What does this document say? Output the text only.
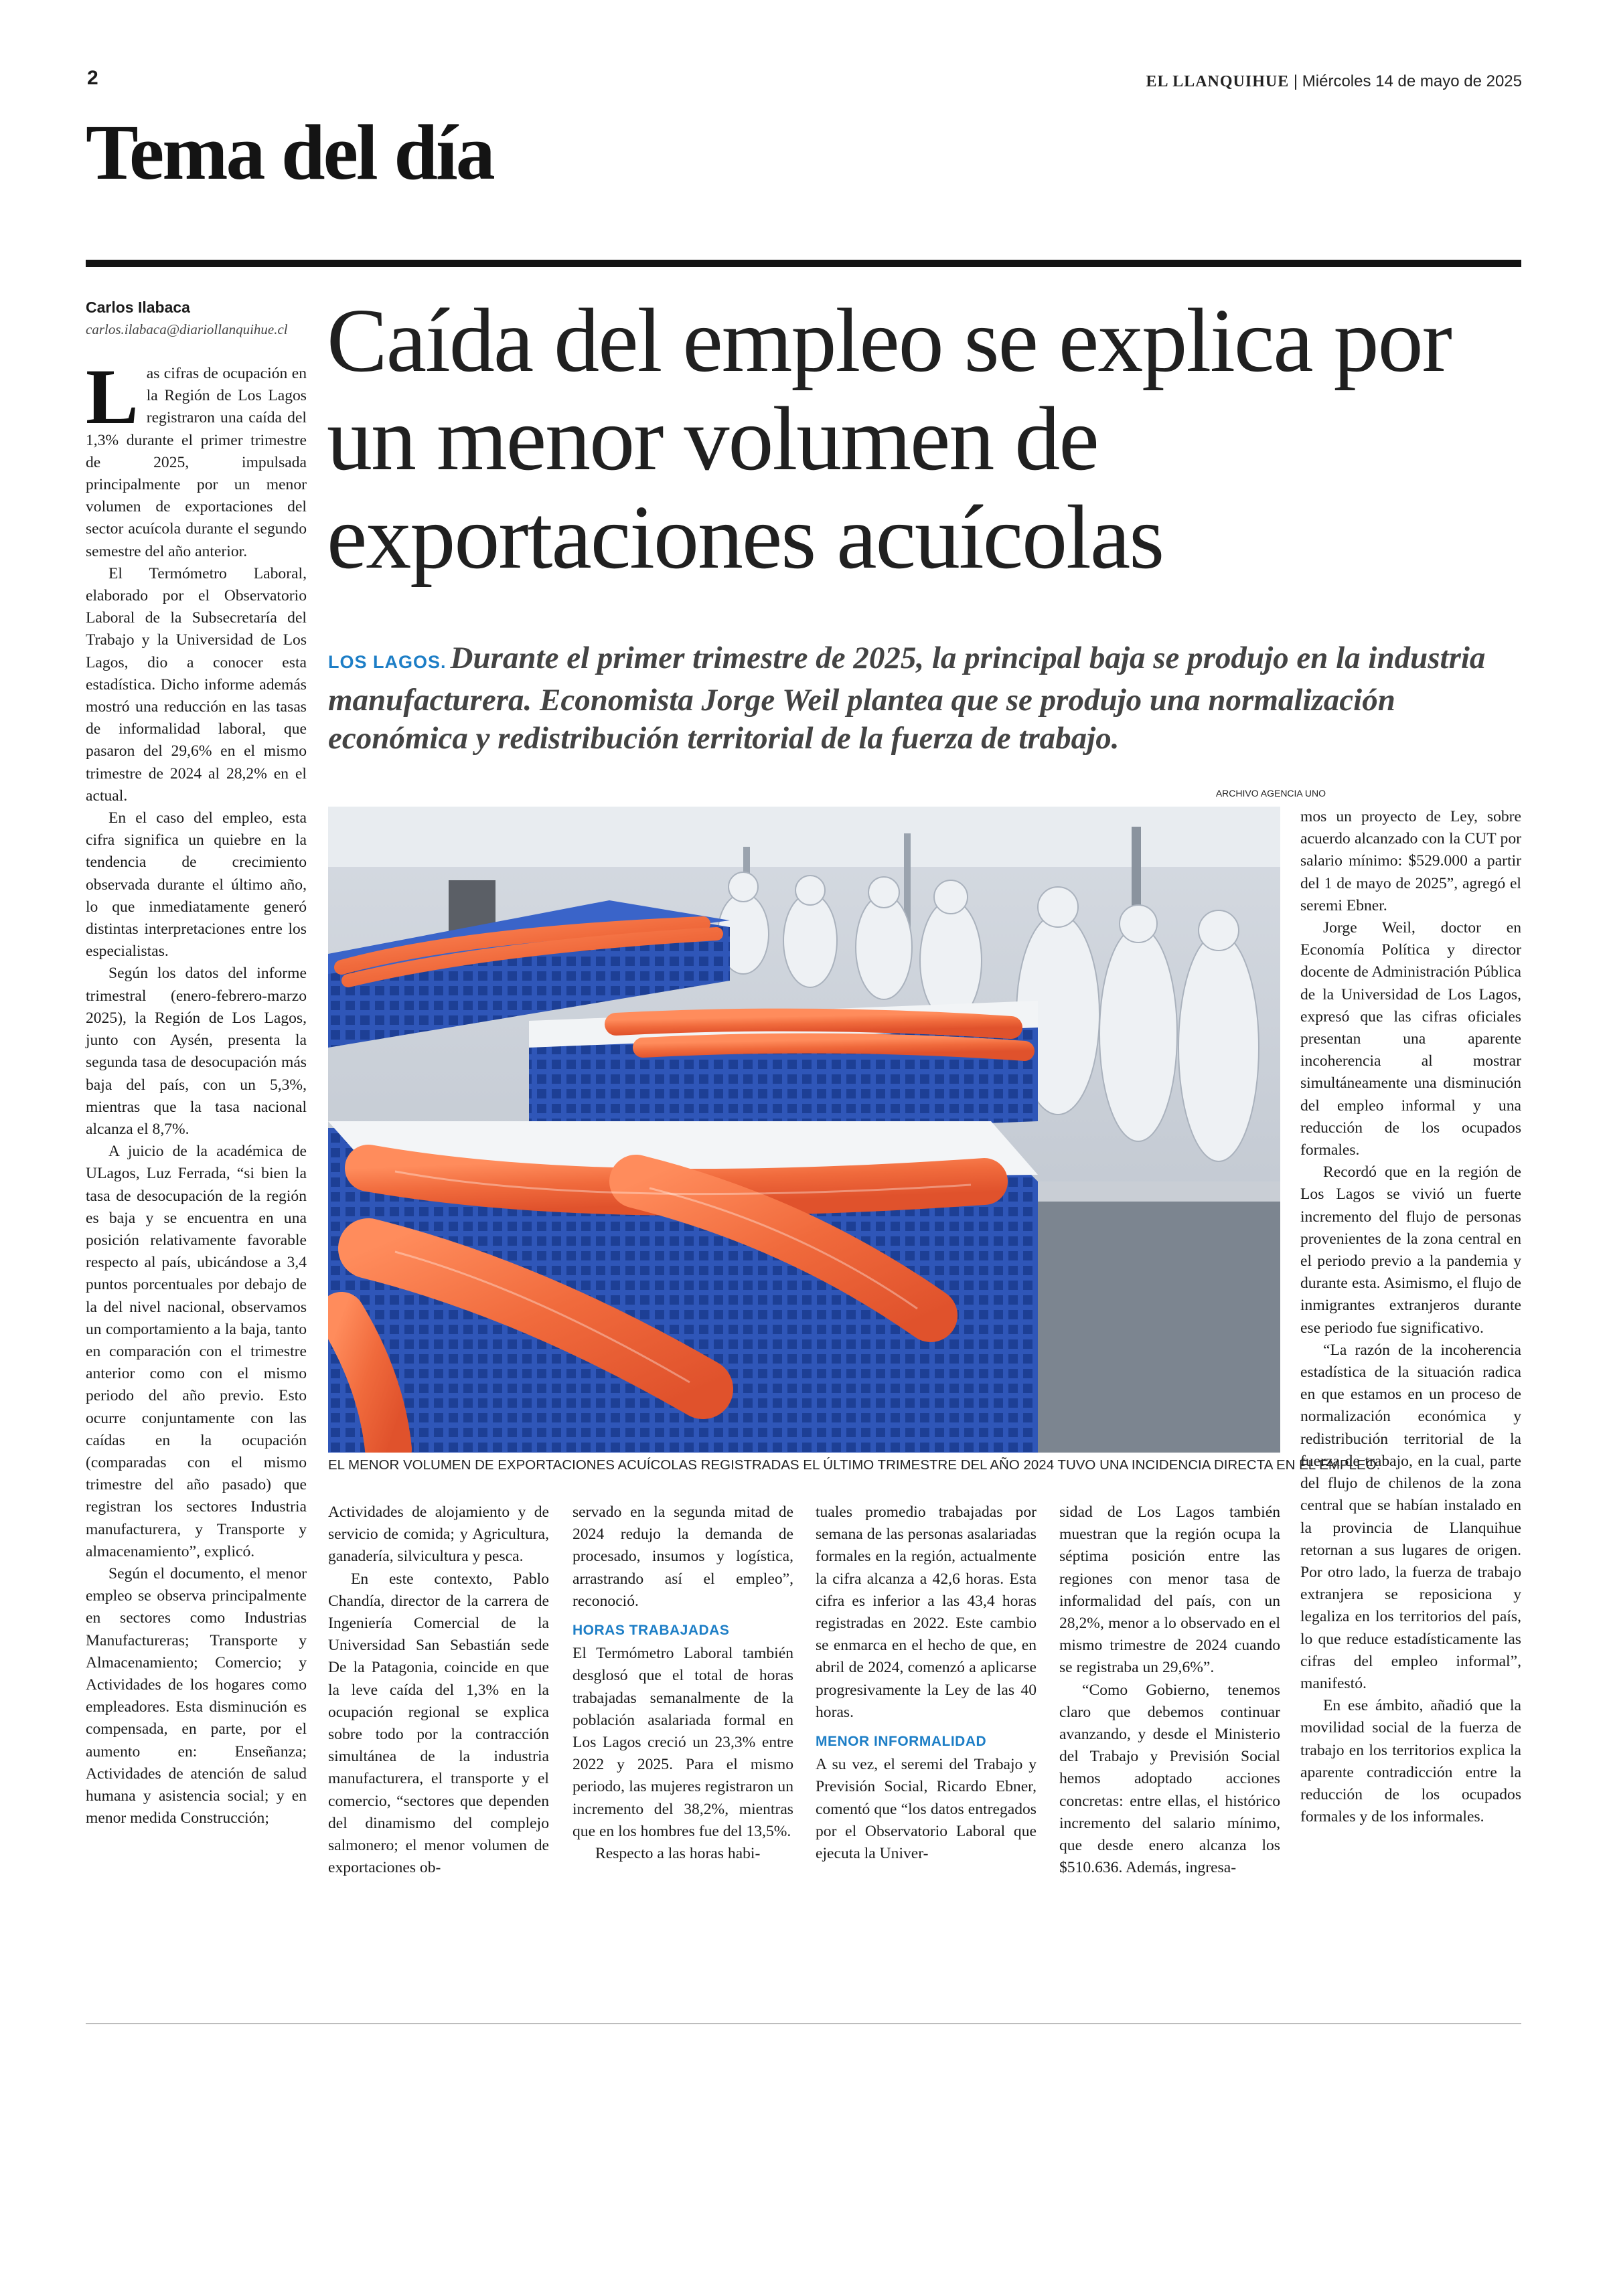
2	EL LLANQUIHUE | Miércoles 14 de mayo de 2025
Tema del día
Carlos Ilabaca
carlos.ilabaca@diariollanquihue.cl Caída del empleo se explica por un menor volumen de exportaciones acuícolas
LOS LAGOS. Durante el primer trimestre de 2025, la principal baja se produjo en la industria manufacturera. Economista Jorge Weil plantea que se produjo una normalización económica y redistribución territorial de la fuerza de trabajo.
ARCHIVO AGENCIA UNO
EL MENOR VOLUMEN DE EXPORTACIONES ACUÍCOLAS REGISTRADAS EL ÚLTIMO TRIMESTRE DEL AÑO 2024 TUVO UNA INCIDENCIA DIRECTA EN EL EMPLEO.

Las cifras de ocupación en la Región de Los Lagos registraron una caída del 1,3% durante el primer trimestre de 2025, impulsada principalmente por un menor volumen de exportaciones del sector acuícola durante el segundo semestre del año anterior.

El Termómetro Laboral, elaborado por el Observatorio Laboral de la Subsecretaría del Trabajo y la Universidad de Los Lagos, dio a conocer esta estadística. Dicho informe además mostró una reducción en las tasas de informalidad laboral, que pasaron del 29,6% en el mismo trimestre de 2024 al 28,2% en el actual.

En el caso del empleo, esta cifra significa un quiebre en la tendencia de crecimiento observada durante el último año, lo que inmediatamente generó distintas interpretaciones entre los especialistas.

Según los datos del informe trimestral (enero-febrero-marzo 2025), la Región de Los Lagos, junto con Aysén, presenta la segunda tasa de desocupación más baja del país, con un 5,3%, mientras que la tasa nacional alcanza el 8,7%.

A juicio de la académica de ULagos, Luz Ferrada, “si bien la tasa de desocupación de la región es baja y se encuentra en una posición relativamente favorable respecto al país, ubicándose a 3,4 puntos porcentuales por debajo de la del nivel nacional, observamos un comportamiento a la baja, tanto en comparación con el trimestre anterior como con el mismo periodo del año previo. Esto ocurre conjuntamente con las caídas en la ocupación (comparadas con el mismo trimestre del año pasado) que registran los sectores Industria manufacturera, y Transporte y almacenamiento”, explicó.

Según el documento, el menor empleo se observa principalmente en sectores como Industrias Manufactureras; Transporte y Almacenamiento; Comercio; y Actividades de los hogares como empleadores. Esta disminución es compensada, en parte, por el aumento en: Enseñanza; Actividades de atención de salud humana y asistencia social; y en menor medida Construcción;

Actividades de alojamiento y de servicio de comida; y Agricultura, ganadería, silvicultura y pesca.

En este contexto, Pablo Chandía, director de la carrera de Ingeniería Comercial de la Universidad San Sebastián sede De la Patagonia, coincide en que la leve caída del 1,3% en la ocupación regional se explica sobre todo por la contracción simultánea de la industria manufacturera, el transporte y el comercio, “sectores que dependen del dinamismo del complejo salmonero; el menor volumen de exportaciones ob-

servado en la segunda mitad de 2024 redujo la demanda de procesado, insumos y logística, arrastrando así el empleo”, reconoció.

HORAS TRABAJADAS

El Termómetro Laboral también desglosó que el total de horas trabajadas semanalmente de la población asalariada formal en Los Lagos creció un 23,3% entre 2022 y 2025. Para el mismo periodo, las mujeres registraron un incremento del 38,2%, mientras que en los hombres fue del 13,5%.

Respecto a las horas habi-

tuales promedio trabajadas por semana de las personas asalariadas formales en la región, actualmente la cifra alcanza a 42,6 horas. Esta cifra es inferior a las 43,4 horas registradas en 2022. Este cambio se enmarca en el hecho de que, en abril de 2024, comenzó a aplicarse progresivamente la Ley de las 40 horas.

MENOR INFORMALIDAD

A su vez, el seremi del Trabajo y Previsión Social, Ricardo Ebner, comentó que “los datos entregados por el Observatorio Laboral que ejecuta la Univer-

sidad de Los Lagos también muestran que la región ocupa la séptima posición entre las regiones con menor tasa de informalidad del país, con un 28,2%, menor a lo observado en el mismo trimestre de 2024 cuando se registraba un 29,6%”.

“Como Gobierno, tenemos claro que debemos continuar avanzando, y desde el Ministerio del Trabajo y Previsión Social hemos adoptado acciones concretas: entre ellas, el histórico incremento del salario mínimo, que desde enero alcanza los $510.636. Además, ingresa-

mos un proyecto de Ley, sobre acuerdo alcanzado con la CUT por salario mínimo: $529.000 a partir del 1 de mayo de 2025”, agregó el seremi Ebner.

Jorge Weil, doctor en Economía Política y director docente de Administración Pública de la Universidad de Los Lagos, expresó que las cifras oficiales presentan una aparente incoherencia al mostrar simultáneamente una disminución del empleo informal y una reducción de los ocupados formales.

Recordó que en la región de Los Lagos se vivió un fuerte incremento del flujo de personas provenientes de la zona central en el periodo previo a la pandemia y durante esta. Asimismo, el flujo de inmigrantes extranjeros durante ese periodo fue significativo.

“La razón de la incoherencia estadística de la situación radica en que estamos en un proceso de normalización económica y redistribución territorial de la fuerza de trabajo, en la cual, parte del flujo de chilenos de la zona central que se habían instalado en la provincia de Llanquihue retornan a sus lugares de origen. Por otro lado, la fuerza de trabajo extranjera se reposiciona y legaliza en los territorios del país, lo que reduce estadísticamente las cifras del empleo informal”, manifestó.

En ese ámbito, añadió que la movilidad social de la fuerza de trabajo en los territorios explica la aparente contradicción entre la reducción de los ocupados formales y de los informales.
